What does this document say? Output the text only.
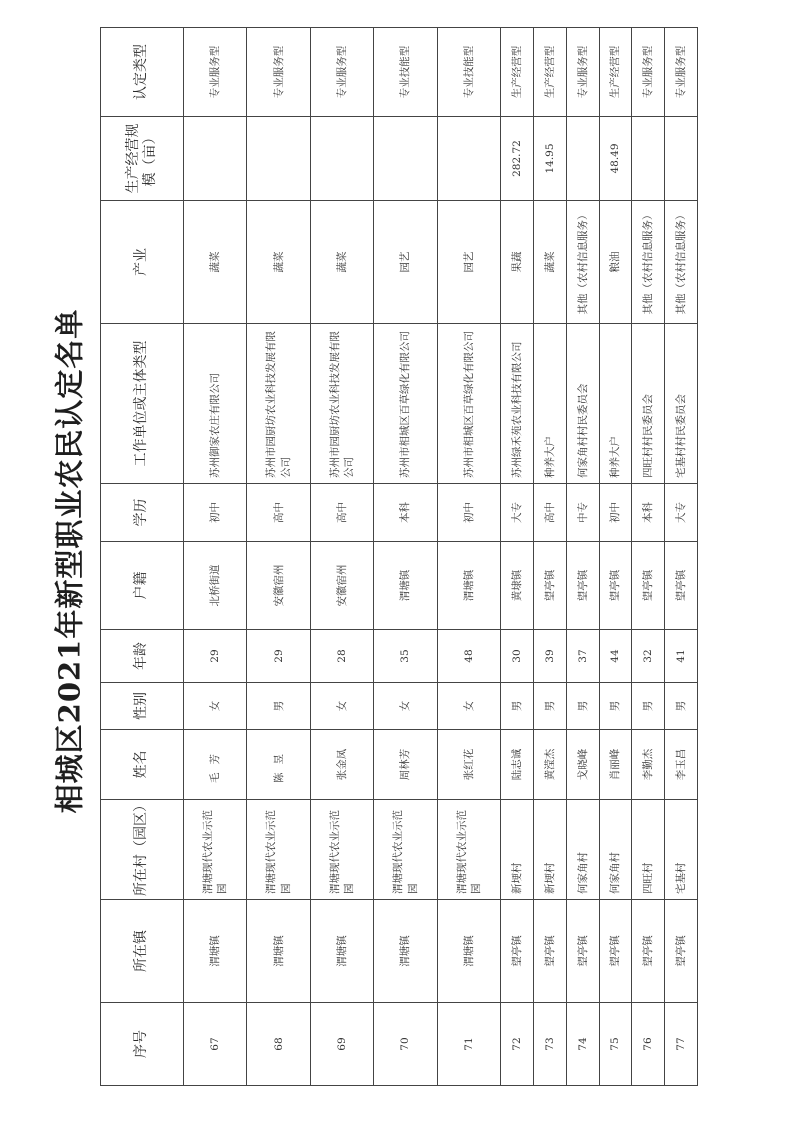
相城区2021年新型职业农民认定名单
序号	所在镇	所在村（园区）	姓名	性别	年龄	户籍	学历	工作单位或主体类型	产业	生产经营规模（亩）	认定类型
67	渭塘镇	渭塘现代农业示范园	毛芳	女	29	北桥街道	初中	苏州御家农庄有限公司	蔬菜		专业服务型
68	渭塘镇	渭塘现代农业示范园	陈昱	男	29	安徽宿州	高中	苏州市园厨坊农业科技发展有限公司	蔬菜		专业服务型
69	渭塘镇	渭塘现代农业示范园	张金凤	女	28	安徽宿州	高中	苏州市园厨坊农业科技发展有限公司	蔬菜		专业服务型
70	渭塘镇	渭塘现代农业示范园	周林芳	女	35	渭塘镇	本科	苏州市相城区百草绿化有限公司	园艺		专业技能型
71	渭塘镇	渭塘现代农业示范园	张红花	女	48	渭塘镇	初中	苏州市相城区百草绿化有限公司	园艺		专业技能型
72	望亭镇	新埂村	陆志诚	男	30	黄埭镇	大专	苏州绿禾苑农业科技有限公司	果蔬	282.72	生产经营型
73	望亭镇	新埂村	黄滢杰	男	39	望亭镇	高中	种养大户	蔬菜	14.95	生产经营型
74	望亭镇	何家角村	戈晓峰	男	37	望亭镇	中专	何家角村村民委员会	其他（农村信息服务）		专业服务型
75	望亭镇	何家角村	肖丽峰	男	44	望亭镇	初中	种养大户	粮油	48.49	生产经营型
76	望亭镇	四旺村	李勤杰	男	32	望亭镇	本科	四旺村村民委员会	其他（农村信息服务）		专业服务型
77	望亭镇	宅基村	李玉昌	男	41	望亭镇	大专	宅基村村民委员会	其他（农村信息服务）		专业服务型
